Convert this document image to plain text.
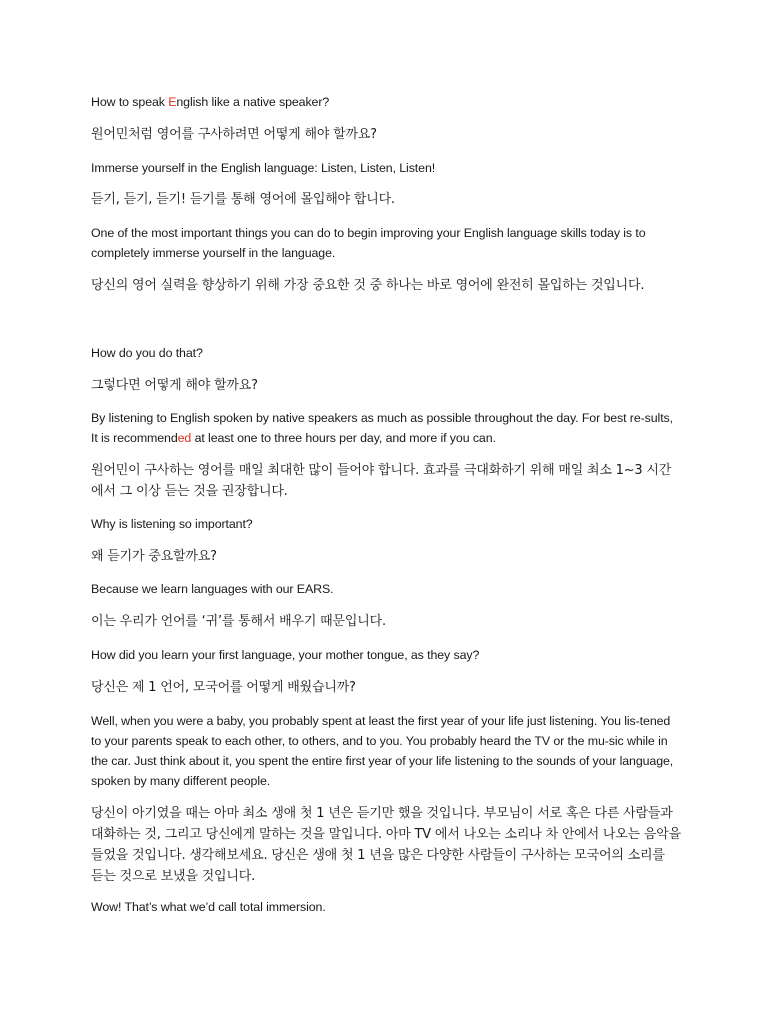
How to speak English like a native speaker?

원어민처럼 영어를 구사하려면 어떻게 해야 할까요?

Immerse yourself in the English language: Listen, Listen, Listen!

듣기, 듣기, 듣기! 듣기를 통해 영어에 몰입해야 합니다.

One of the most important things you can do to begin improving your English language skills today is to completely immerse yourself in the language.

당신의 영어 실력을 향상하기 위해 가장 중요한 것 중 하나는 바로 영어에 완전히 몰입하는 것입니다.

How do you do that?

그렇다면 어떻게 해야 할까요?

By listening to English spoken by native speakers as much as possible throughout the day. For best re-sults, It is recommended at least one to three hours per day, and more if you can.

원어민이 구사하는 영어를 매일 최대한 많이 들어야 합니다. 효과를 극대화하기 위해 매일 최소 1~3 시간에서 그 이상 듣는 것을 권장합니다.

Why is listening so important?

왜 듣기가 중요할까요?

Because we learn languages with our EARS.

이는 우리가 언어를 ‘귀’를 통해서 배우기 때문입니다.

How did you learn your first language, your mother tongue, as they say?

당신은 제 1 언어, 모국어를 어떻게 배웠습니까?

Well, when you were a baby, you probably spent at least the first year of your life just listening. You lis-tened to your parents speak to each other, to others, and to you. You probably heard the TV or the mu-sic while in the car. Just think about it, you spent the entire first year of your life listening to the sounds of your language, spoken by many different people.

당신이 아기였을 때는 아마 최소 생애 첫 1 년은 듣기만 했을 것입니다. 부모님이 서로 혹은 다른 사람들과 대화하는 것, 그리고 당신에게 말하는 것을 말입니다. 아마 TV 에서 나오는 소리나 차 안에서 나오는 음악을 들었을 것입니다. 생각해보세요. 당신은 생애 첫 1 년을 많은 다양한 사람들이 구사하는 모국어의 소리를 듣는 것으로 보냈을 것입니다.

Wow! That’s what we’d call total immersion.
